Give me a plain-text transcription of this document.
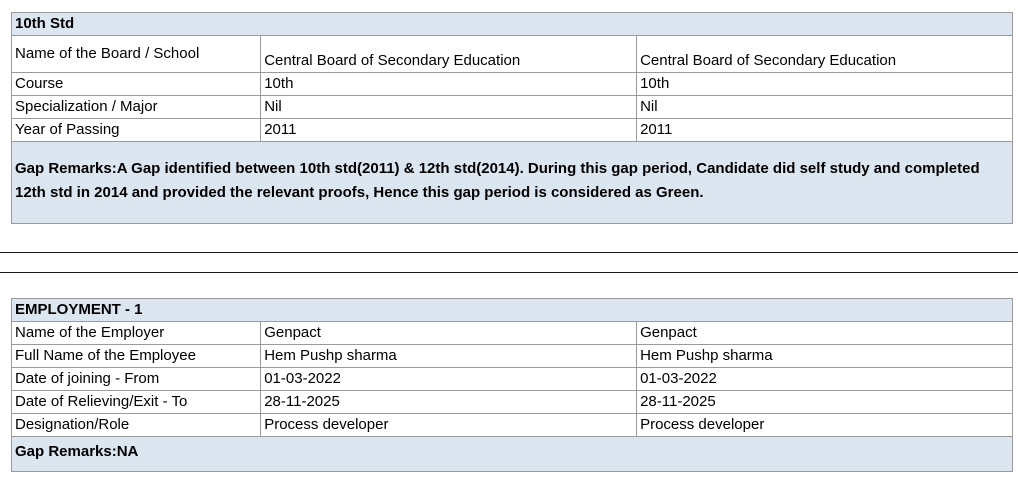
10th Std		
Name of the Board / School	Central Board of Secondary Education	Central Board of Secondary Education
Course	10th	10th
Specialization / Major	Nil	Nil
Year of Passing	2011	2011
Gap Remarks:A Gap identified between 10th std(2011) & 12th std(2014). During this gap period, Candidate did self study and completed 12th std in 2014 and provided the relevant proofs, Hence this gap period is considered as Green.		
EMPLOYMENT - 1		
Name of the Employer	Genpact	Genpact
Full Name of the Employee	Hem Pushp sharma	Hem Pushp sharma
Date of joining - From	01-03-2022	01-03-2022
Date of Relieving/Exit - To	28-11-2025	28-11-2025
Designation/Role	Process developer	Process developer
Gap Remarks:NA		
